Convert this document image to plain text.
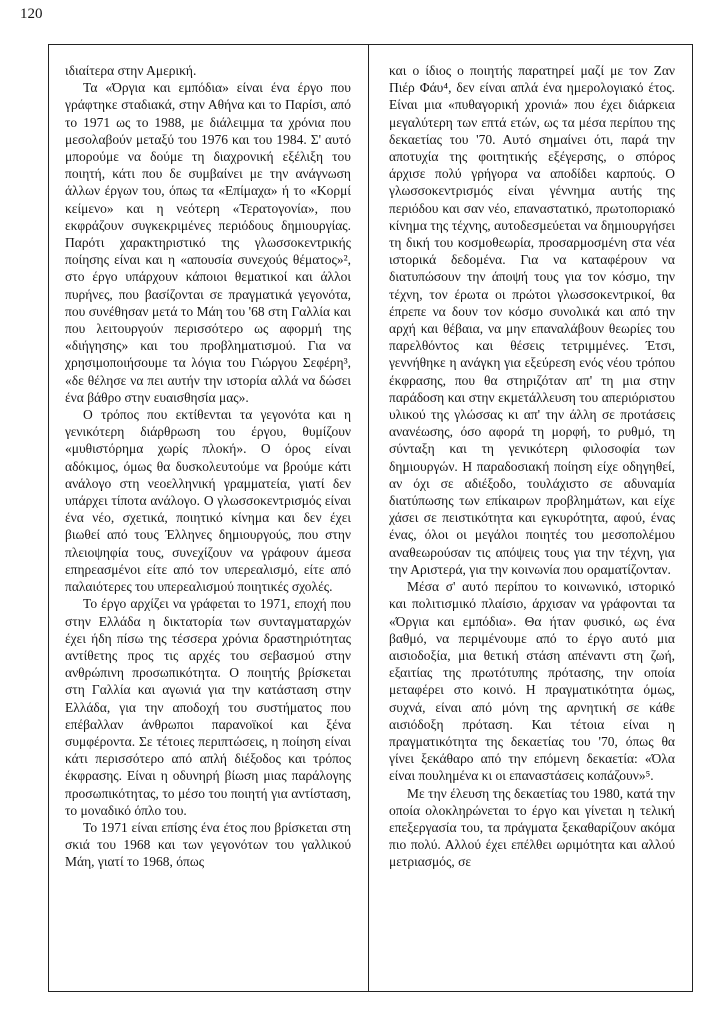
120

ιδιαίτερα στην Αμερική.

Τα «Όργια και εμπόδια» είναι ένα έργο που γράφτηκε σταδιακά, στην Αθήνα και το Παρίσι, από το 1971 ως το 1988, με διάλειμμα τα χρόνια που μεσολαβούν μεταξύ του 1976 και του 1984. Σ' αυτό μπορούμε να δούμε τη διαχρονική εξέλιξη του ποιητή, κάτι που δε συμβαίνει με την ανάγνωση άλλων έργων του, όπως τα «Επίμαχα» ή το «Κορμί κείμενο» και η νεότερη «Τερατογονία», που εκφράζουν συγκεκριμένες περιόδους δημιουργίας. Παρότι χαρακτηριστικό της γλωσσοκεντρικής ποίησης είναι και η «απουσία συνεχούς θέματος»², στο έργο υπάρχουν κάποιοι θεματικοί και άλλοι πυρήνες, που βασίζονται σε πραγματικά γεγονότα, που συνέθησαν μετά το Μάη του '68 στη Γαλλία και που λειτουργούν περισσότερο ως αφορμή της «διήγησης» και του προβληματισμού. Για να χρησιμοποιήσουμε τα λόγια του Γιώργου Σεφέρη³, «δε θέλησε να πει αυτήν την ιστορία αλλά να δώσει ένα βάθρο στην ευαισθησία μας».

Ο τρόπος που εκτίθενται τα γεγονότα και η γενικότερη διάρθρωση του έργου, θυμίζουν «μυθιστόρημα χωρίς πλοκή». Ο όρος είναι αδόκιμος, όμως θα δυσκολευτούμε να βρούμε κάτι ανάλογο στη νεοελληνική γραμματεία, γιατί δεν υπάρχει τίποτα ανάλογο. Ο γλωσσοκεντρισμός είναι ένα νέο, σχετικά, ποιητικό κίνημα και δεν έχει βιωθεί από τους Έλληνες δημιουργούς, που στην πλειοψηφία τους, συνεχίζουν να γράφουν άμεσα επηρεασμένοι είτε από τον υπερεαλισμό, είτε από παλαιότερες του υπερεαλισμού ποιητικές σχολές.

Το έργο αρχίζει να γράφεται το 1971, εποχή που στην Ελλάδα η δικτατορία των συνταγματαρχών έχει ήδη πίσω της τέσσερα χρόνια δραστηριότητας αντίθετης προς τις αρχές του σεβασμού στην ανθρώπινη προσωπικότητα. Ο ποιητής βρίσκεται στη Γαλλία και αγωνιά για την κατάσταση στην Ελλάδα, για την αποδοχή του συστήματος που επέβαλλαν άνθρωποι παρανοϊκοί και ξένα συμφέροντα. Σε τέτοιες περιπτώσεις, η ποίηση είναι κάτι περισσότερο από απλή διέξοδος και τρόπος έκφρασης. Είναι η οδυνηρή βίωση μιας παράλογης προσωπικότητας, το μέσο του ποιητή για αντίσταση, το μοναδικό όπλο του.

Το 1971 είναι επίσης ένα έτος που βρίσκεται στη σκιά του 1968 και των γεγονότων του γαλλικού Μάη, γιατί το 1968, όπως

και ο ίδιος ο ποιητής παρατηρεί μαζί με τον Ζαν Πιέρ Φάυ⁴, δεν είναι απλά ένα ημερολογιακό έτος. Είναι μια «πυθαγορική χρονιά» που έχει διάρκεια μεγαλύτερη των επτά ετών, ως τα μέσα περίπου της δεκαετίας του '70. Αυτό σημαίνει ότι, παρά την αποτυχία της φοιτητικής εξέγερσης, ο σπόρος άρχισε πολύ γρήγορα να αποδίδει καρπούς. Ο γλωσσοκεντρισμός είναι γέννημα αυτής της περιόδου και σαν νέο, επαναστατικό, πρωτοποριακό κίνημα της τέχνης, αυτοδεσμεύεται να δημιουργήσει τη δική του κοσμοθεωρία, προσαρμοσμένη στα νέα ιστορικά δεδομένα. Για να καταφέρουν να διατυπώσουν την άποψή τους για τον κόσμο, την τέχνη, τον έρωτα οι πρώτοι γλωσσοκεντρικοί, θα έπρεπε να δουν τον κόσμο συνολικά και από την αρχή και θέβαια, να μην επαναλάβουν θεωρίες του παρελθόντος και θέσεις τετριμμένες. Έτσι, γεννήθηκε η ανάγκη για εξεύρεση ενός νέου τρόπου έκφρασης, που θα στηριζόταν απ' τη μια στην παράδοση και στην εκμετάλλευση του απεριόριστου υλικού της γλώσσας κι απ' την άλλη σε προτάσεις ανανέωσης, όσο αφορά τη μορφή, το ρυθμό, τη σύνταξη και τη γενικότερη φιλοσοφία των δημιουργών. Η παραδοσιακή ποίηση είχε οδηγηθεί, αν όχι σε αδιέξοδο, τουλάχιστο σε αδυναμία διατύπωσης των επίκαιρων προβλημάτων, και είχε χάσει σε πειστικότητα και εγκυρότητα, αφού, ένας ένας, όλοι οι μεγάλοι ποιητές του μεσοπολέμου αναθεωρούσαν τις απόψεις τους για την τέχνη, για την Αριστερά, για την κοινωνία που οραματίζονταν.

Μέσα σ' αυτό περίπου το κοινωνικό, ιστορικό και πολιτισμικό πλαίσιο, άρχισαν να γράφονται τα «Όργια και εμπόδια». Θα ήταν φυσικό, ως ένα βαθμό, να περιμένουμε από το έργο αυτό μια αισιοδοξία, μια θετική στάση απέναντι στη ζωή, εξαιτίας της πρωτότυπης πρότασης, την οποία μεταφέρει στο κοινό. Η πραγματικότητα όμως, συχνά, είναι από μόνη της αρνητική σε κάθε αισιόδοξη πρόταση. Και τέτοια είναι η πραγματικότητα της δεκαετίας του '70, όπως θα γίνει ξεκάθαρο από την επόμενη δεκαετία: «Όλα είναι πουλημένα κι οι επαναστάσεις κοπάζουν»⁵.

Με την έλευση της δεκαετίας του 1980, κατά την οποία ολοκληρώνεται το έργο και γίνεται η τελική επεξεργασία του, τα πράγματα ξεκαθαρίζουν ακόμα πιο πολύ. Αλλού έχει επέλθει ωριμότητα και αλλού μετριασμός, σε
